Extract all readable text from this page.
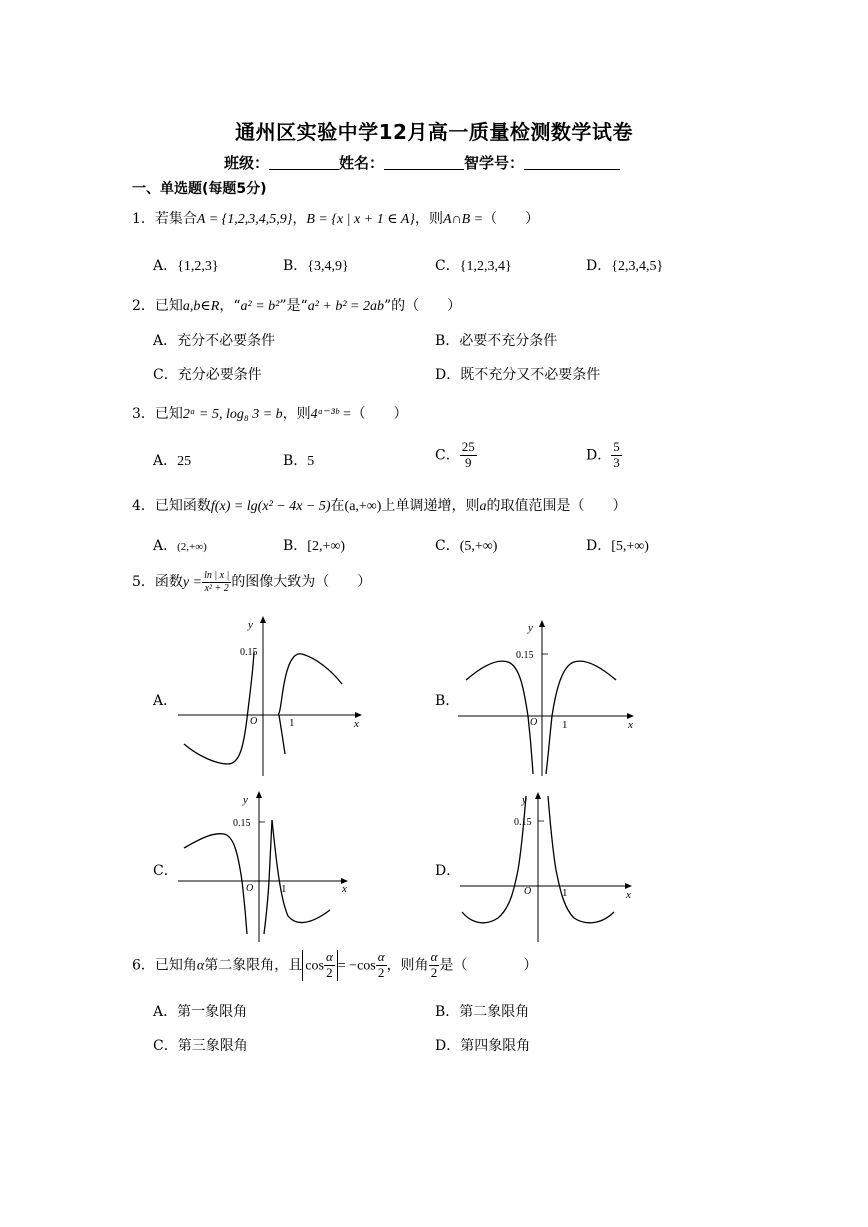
通州区实验中学12月高一质量检测数学试卷
班级：	姓名：	智学号：
一、单选题(每题5分)
1．若集合A = {1,2,3,4,5,9}，B = {x | x + 1 ∈ A}，则A∩B =（　　）
A．{1,2,3}	B．{3,4,9}	C．{1,2,3,4}	D．{2,3,4,5}
2．已知a,b∈R，“a² = b²”是“a² + b² = 2ab”的（　　）
A．充分不必要条件	B．必要不充分条件
C．充分必要条件	D．既不充分又不必要条件
3．已知2ᵃ = 5, log₈ 3 = b，则4ᵃ⁻³ᵇ =（　　）
A．25	B．5	C． $\frac{25}{9}$	D． $\frac{5}{3}$
4．已知函数f(x) = lg(x² − 4x − 5)在(a,+∞)上单调递增，则a的取值范围是（　　）
A．(2,+∞)	B．[2,+∞)	C．(5,+∞)	D．[5,+∞)
5．函数$y = \frac{\ln | x |}{\text{x² + 2}}$ 的图像大致为（　　）
A．	B．
C．	D．
y
x
O	1
0.15
y
x
O 1
0.15
y
x
O	1
0.15
y
x
O	1
0.15
6．已知角α第二象限角，且 $\cos \frac{\alpha}{2} = -\cos \frac{\alpha}{2}$ ，则角 $\frac{\alpha}{2}$ 是（　　　　）
A．第一象限角	B．第二象限角
C．第三象限角	D．第四象限角
